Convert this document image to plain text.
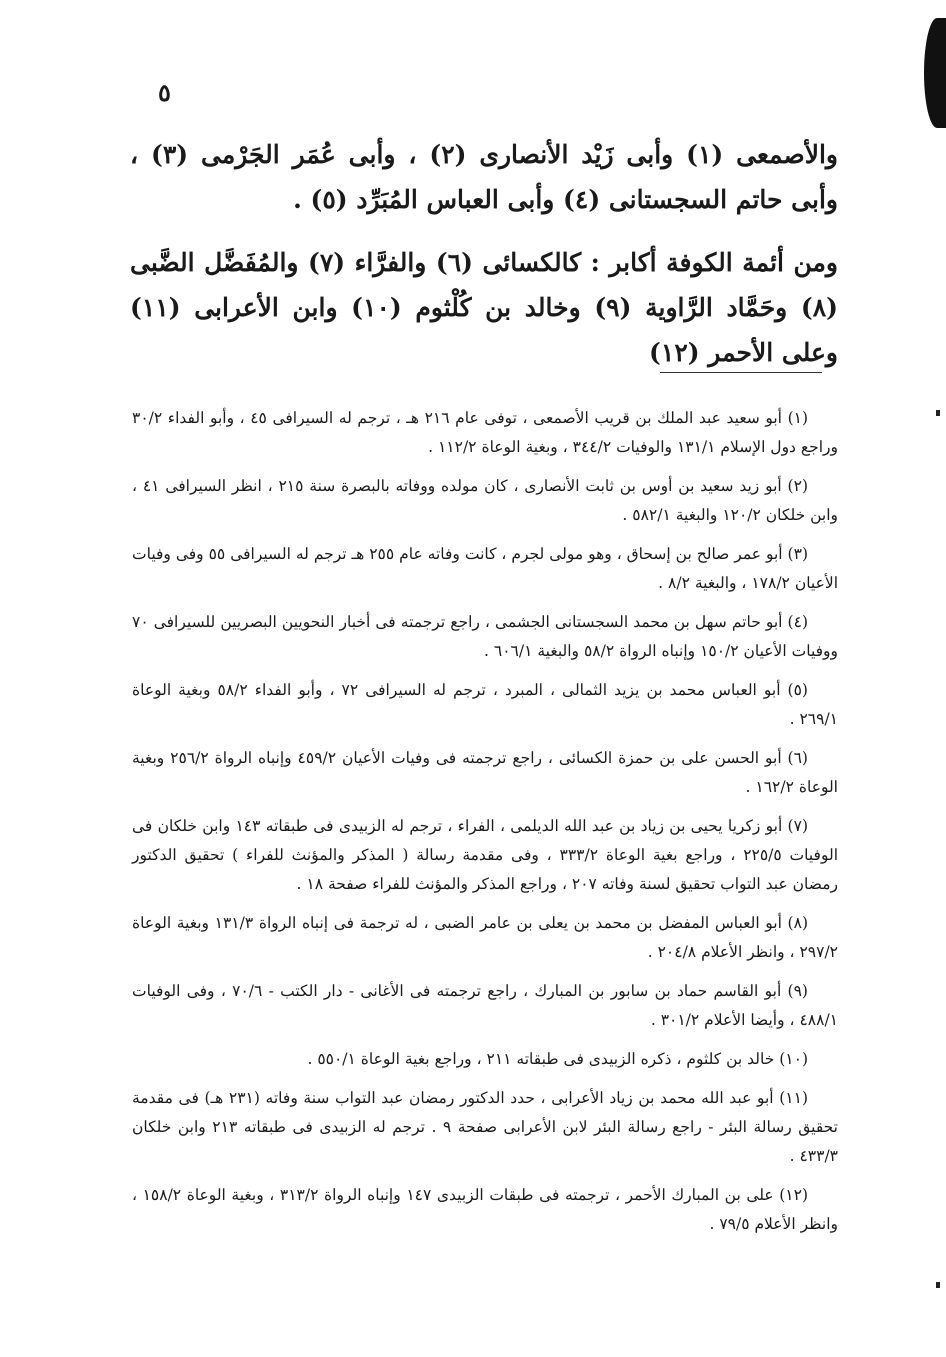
٥

والأصمعى (١) وأبى زَيْد الأنصارى (٢) ، وأبى عُمَر الجَرْمى (٣) ، وأبى حاتم السجستانى (٤) وأبى العباس المُبَرِّد (٥) .

ومن أئمة الكوفة أكابر : كالكسائى (٦) والفرَّاء (٧) والمُفَضَّل الضَّبى (٨) وحَمَّاد الرَّاوية (٩) وخالد بن كُلْثوم (١٠) وابن الأعرابى (١١) وعلى الأحمر (١٢)

(١) أبو سعيد عبد الملك بن قريب الأصمعى ، توفى عام ٢١٦ هـ ، ترجم له السيرافى ٤٥ ، وأبو الفداء ٣٠/٢ وراجع دول الإسلام ١٣١/١ والوفيات ٣٤٤/٢ ، وبغية الوعاة ١١٢/٢ .

(٢) أبو زيد سعيد بن أوس بن ثابت الأنصارى ، كان مولده ووفاته بالبصرة سنة ٢١٥ ، انظر السيرافى ٤١ ، وابن خلكان ١٢٠/٢ والبغية ٥٨٢/١ .

(٣) أبو عمر صالح بن إسحاق ، وهو مولى لجرم ، كانت وفاته عام ٢٥٥ هـ ترجم له السيرافى ٥٥ وفى وفيات الأعيان ١٧٨/٢ ، والبغية ٨/٢ .

(٤) أبو حاتم سهل بن محمد السجستانى الجشمى ، راجع ترجمته فى أخبار النحويين البصريين للسيرافى ٧٠ ووفيات الأعيان ١٥٠/٢ وإنباه الرواة ٥٨/٢ والبغية ٦٠٦/١ .

(٥) أبو العباس محمد بن يزيد الثمالى ، المبرد ، ترجم له السيرافى ٧٢ ، وأبو الفداء ٥٨/٢ وبغية الوعاة ٢٦٩/١ .

(٦) أبو الحسن على بن حمزة الكسائى ، راجع ترجمته فى وفيات الأعيان ٤٥٩/٢ وإنباه الرواة ٢٥٦/٢ وبغية الوعاة ١٦٢/٢ .

(٧) أبو زكريا يحيى بن زياد بن عبد الله الديلمى ، الفراء ، ترجم له الزبيدى فى طبقاته ١٤٣ وابن خلكان فى الوفيات ٢٢٥/٥ ، وراجع بغية الوعاة ٣٣٣/٢ ، وفى مقدمة رسالة ( المذكر والمؤنث للفراء ) تحقيق الدكتور رمضان عبد التواب تحقيق لسنة وفاته ٢٠٧ ، وراجع المذكر والمؤنث للفراء صفحة ١٨ .

(٨) أبو العباس المفضل بن محمد بن يعلى بن عامر الضبى ، له ترجمة فى إنباه الرواة ١٣١/٣ وبغية الوعاة ٢٩٧/٢ ، وانظر الأعلام ٢٠٤/٨ .

(٩) أبو القاسم حماد بن سابور بن المبارك ، راجع ترجمته فى الأغانى - دار الكتب - ٧٠/٦ ، وفى الوفيات ٤٨٨/١ ، وأيضا الأعلام ٣٠١/٢ .

(١٠) خالد بن كلثوم ، ذكره الزبيدى فى طبقاته ٢١١ ، وراجع بغية الوعاة ٥٥٠/١ .

(١١) أبو عبد الله محمد بن زياد الأعرابى ، حدد الدكتور رمضان عبد التواب سنة وفاته (٢٣١ هـ) فى مقدمة تحقيق رسالة البئر - راجع رسالة البئر لابن الأعرابى صفحة ٩ . ترجم له الزبيدى فى طبقاته ٢١٣ وابن خلكان ٤٣٣/٣ .

(١٢) على بن المبارك الأحمر ، ترجمته فى طبقات الزبيدى ١٤٧ وإنباه الرواة ٣١٣/٢ ، وبغية الوعاة ١٥٨/٢ ، وانظر الأعلام ٧٩/٥ .
